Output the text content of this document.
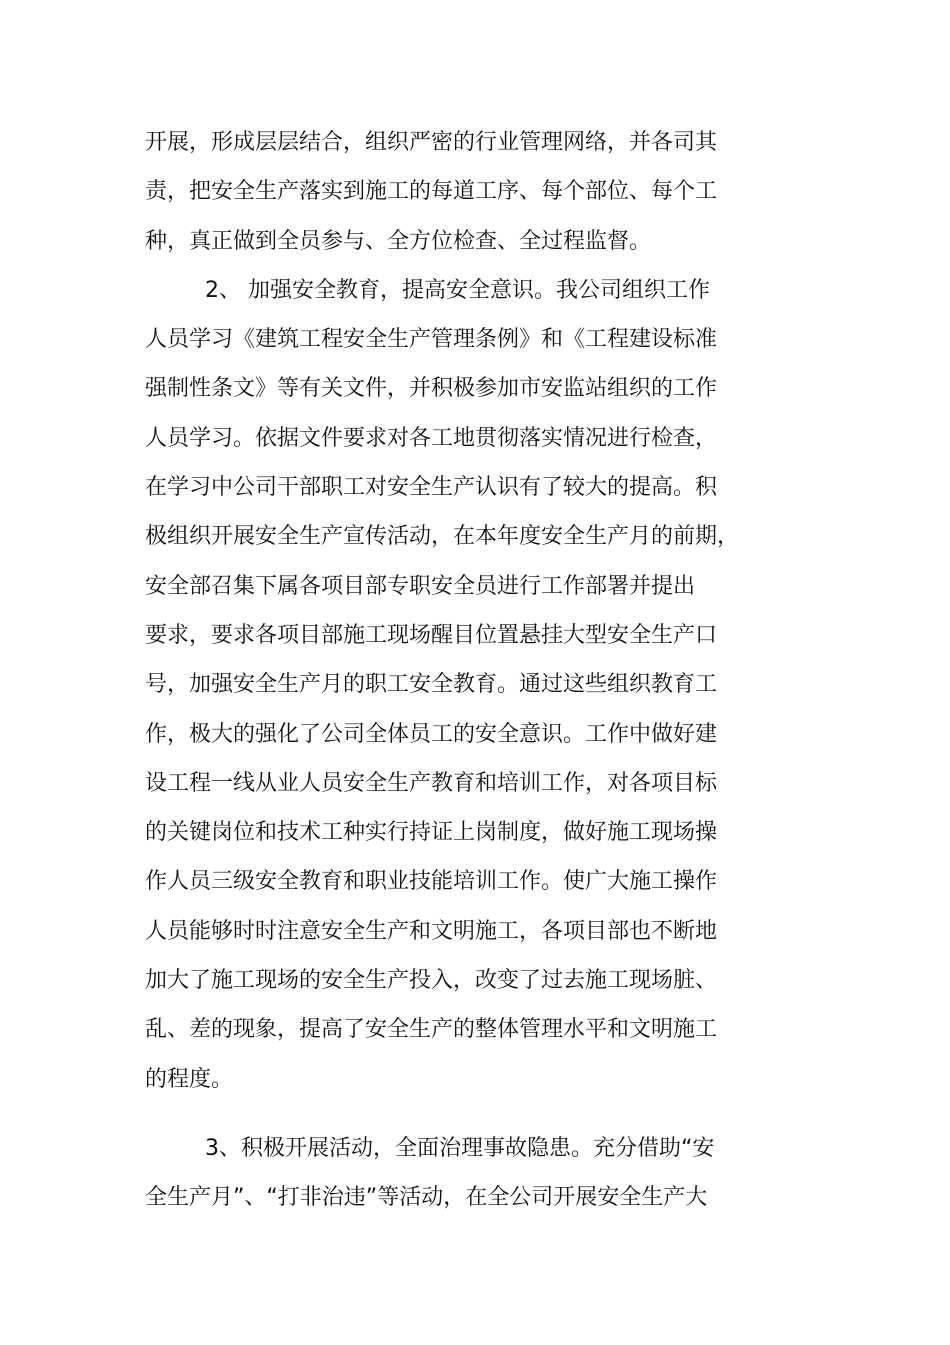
开展，形成层层结合，组织严密的行业管理网络，并各司其
责，把安全生产落实到施工的每道工序、每个部位、每个工
种，真正做到全员参与、全方位检查、全过程监督。
2、 加强安全教育，提高安全意识。我公司组织工作
人员学习《建筑工程安全生产管理条例》和《工程建设标准
强制性条文》等有关文件，并积极参加市安监站组织的工作
人员学习。依据文件要求对各工地贯彻落实情况进行检查，
在学习中公司干部职工对安全生产认识有了较大的提高。积
极组织开展安全生产宣传活动，在本年度安全生产月的前期，
安全部召集下属各项目部专职安全员进行工作部署并提出
要求，要求各项目部施工现场醒目位置悬挂大型安全生产口
号，加强安全生产月的职工安全教育。通过这些组织教育工
作，极大的强化了公司全体员工的安全意识。工作中做好建
设工程一线从业人员安全生产教育和培训工作，对各项目标
的关键岗位和技术工种实行持证上岗制度，做好施工现场操
作人员三级安全教育和职业技能培训工作。使广大施工操作
人员能够时时注意安全生产和文明施工，各项目部也不断地
加大了施工现场的安全生产投入，改变了过去施工现场脏、
乱、差的现象，提高了安全生产的整体管理水平和文明施工
的程度。
3、积极开展活动，全面治理事故隐患。充分借助“安
全生产月”、“打非治违”等活动，在全公司开展安全生产大
